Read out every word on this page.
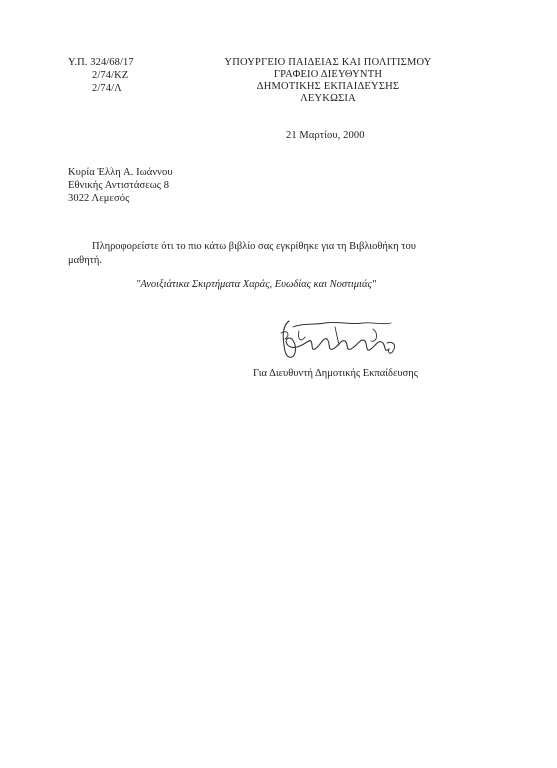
Υ.Π. 324/68/17
2/74/ΚΖ
2/74/Λ
ΥΠΟΥΡΓΕΙΟ ΠΑΙΔΕΙΑΣ ΚΑΙ ΠΟΛΙΤΙΣΜΟΥ
ΓΡΑΦΕΙΟ ΔΙΕΥΘΥΝΤΗ
ΔΗΜΟΤΙΚΗΣ ΕΚΠΑΙΔΕΥΣΗΣ
ΛΕΥΚΩΣΙΑ
21 Μαρτίου, 2000
Κυρία Έλλη Α. Ιωάννου
Εθνικής Αντιστάσεως 8
3022 Λεμεσός
Πληροφορείστε ότι το πιο κάτω βιβλίο σας εγκρίθηκε για τη Βιβλιοθήκη του μαθητή.
"Ανοιξιάτικα Σκιρτήματα Χαράς, Ευωδίας και Νοστιμιάς"
Για Διευθυντή Δημοτικής Εκπαίδευσης
